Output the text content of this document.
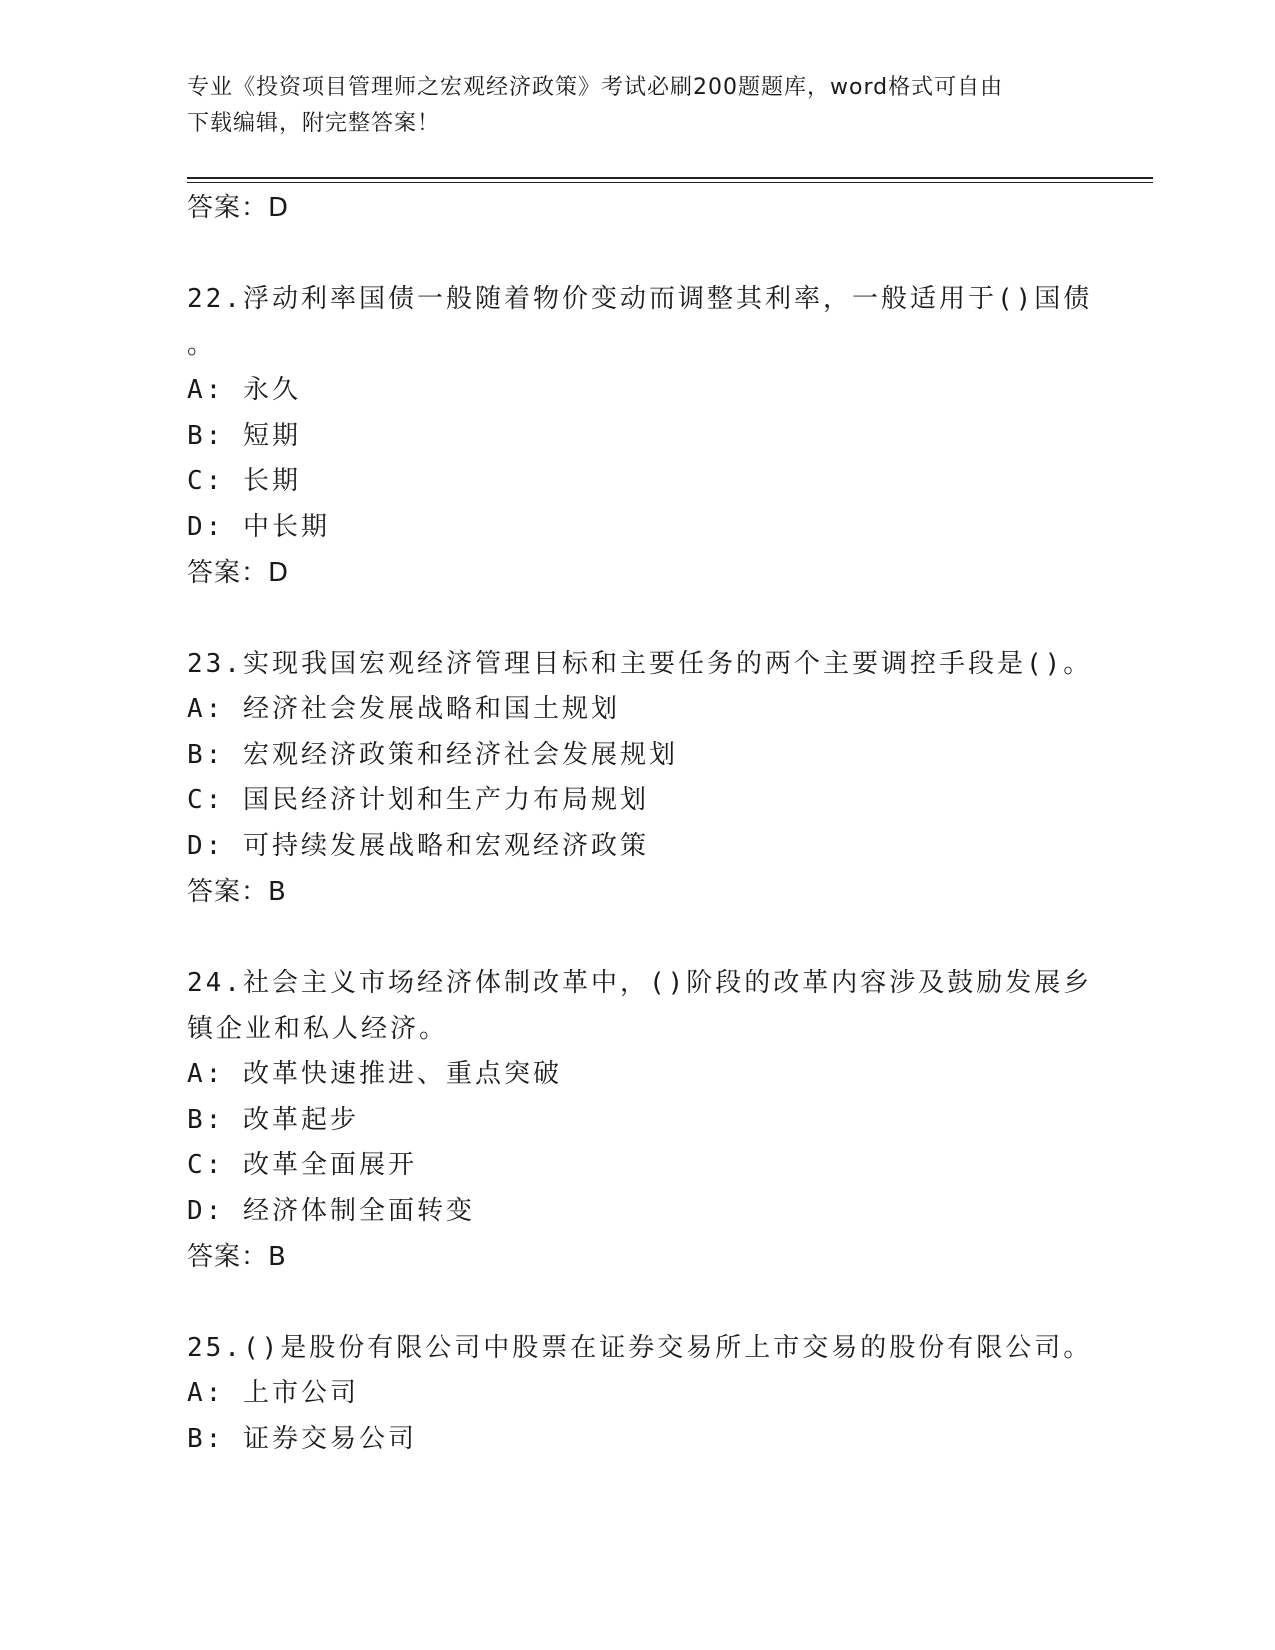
专业《投资项目管理师之宏观经济政策》考试必刷200题题库，word格式可自由
下载编辑，附完整答案！
答案：D
22.浮动利率国债一般随着物价变动而调整其利率，一般适用于()国债
。
A: 永久
B: 短期
C: 长期
D: 中长期
答案：D
23.实现我国宏观经济管理目标和主要任务的两个主要调控手段是()。
A: 经济社会发展战略和国土规划
B: 宏观经济政策和经济社会发展规划
C: 国民经济计划和生产力布局规划
D: 可持续发展战略和宏观经济政策
答案：B
24.社会主义市场经济体制改革中，()阶段的改革内容涉及鼓励发展乡
镇企业和私人经济。
A: 改革快速推进、重点突破
B: 改革起步
C: 改革全面展开
D: 经济体制全面转变
答案：B
25.()是股份有限公司中股票在证券交易所上市交易的股份有限公司。
A: 上市公司
B: 证券交易公司
